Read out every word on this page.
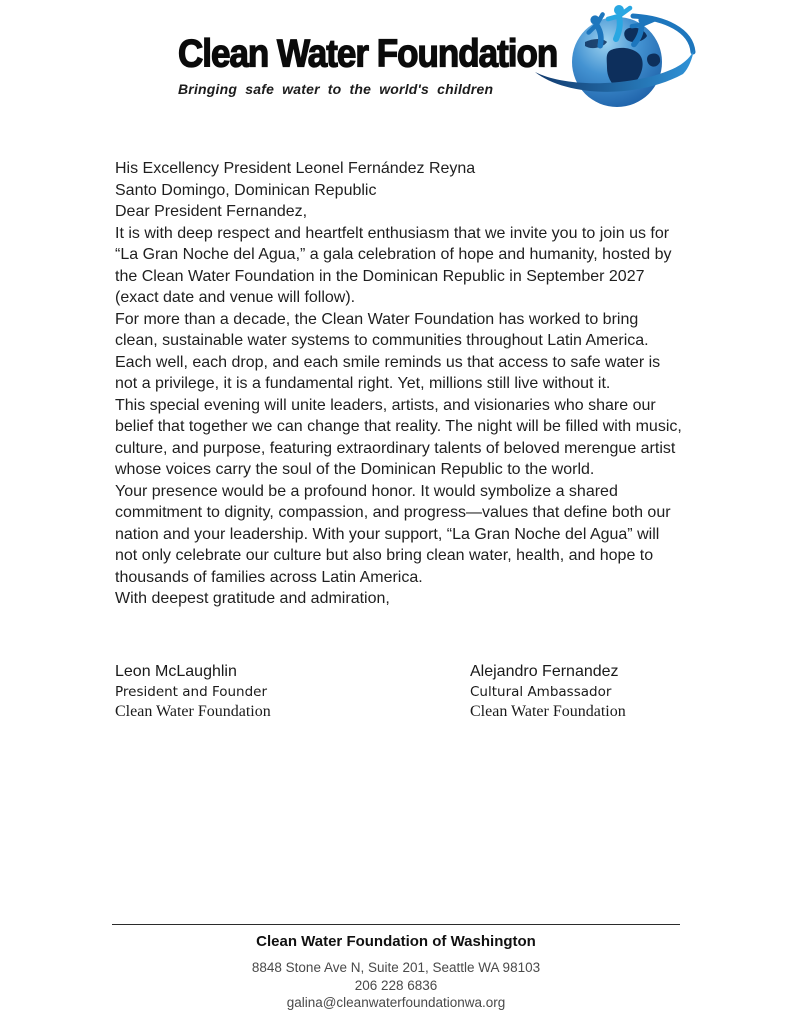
Clean Water Foundation
Bringing safe water to the world's children

His Excellency President Leonel Fernández Reyna

Santo Domingo, Dominican Republic

Dear President Fernandez,

It is with deep respect and heartfelt enthusiasm that we invite you to join us for “La Gran Noche del Agua,” a gala celebration of hope and humanity, hosted by the Clean Water Foundation in the Dominican Republic in September 2027 (exact date and venue will follow).

For more than a decade, the Clean Water Foundation has worked to bring clean, sustainable water systems to communities throughout Latin America. Each well, each drop, and each smile reminds us that access to safe water is not a privilege, it is a fundamental right. Yet, millions still live without it.

This special evening will unite leaders, artists, and visionaries who share our belief that together we can change that reality. The night will be filled with music, culture, and purpose, featuring extraordinary talents of beloved merengue artist whose voices carry the soul of the Dominican Republic to the world.

Your presence would be a profound honor. It would symbolize a shared commitment to dignity, compassion, and progress—values that define both our nation and your leadership. With your support, “La Gran Noche del Agua” will not only celebrate our culture but also bring clean water, health, and hope to thousands of families across Latin America.

With deepest gratitude and admiration,

Leon McLaughlin
President and Founder
Clean Water Foundation
Alejandro Fernandez
Cultural Ambassador
Clean Water Foundation
Clean Water Foundation of Washington
8848 Stone Ave N, Suite 201, Seattle WA 98103
206 228 6836
galina@cleanwaterfoundationwa.org
